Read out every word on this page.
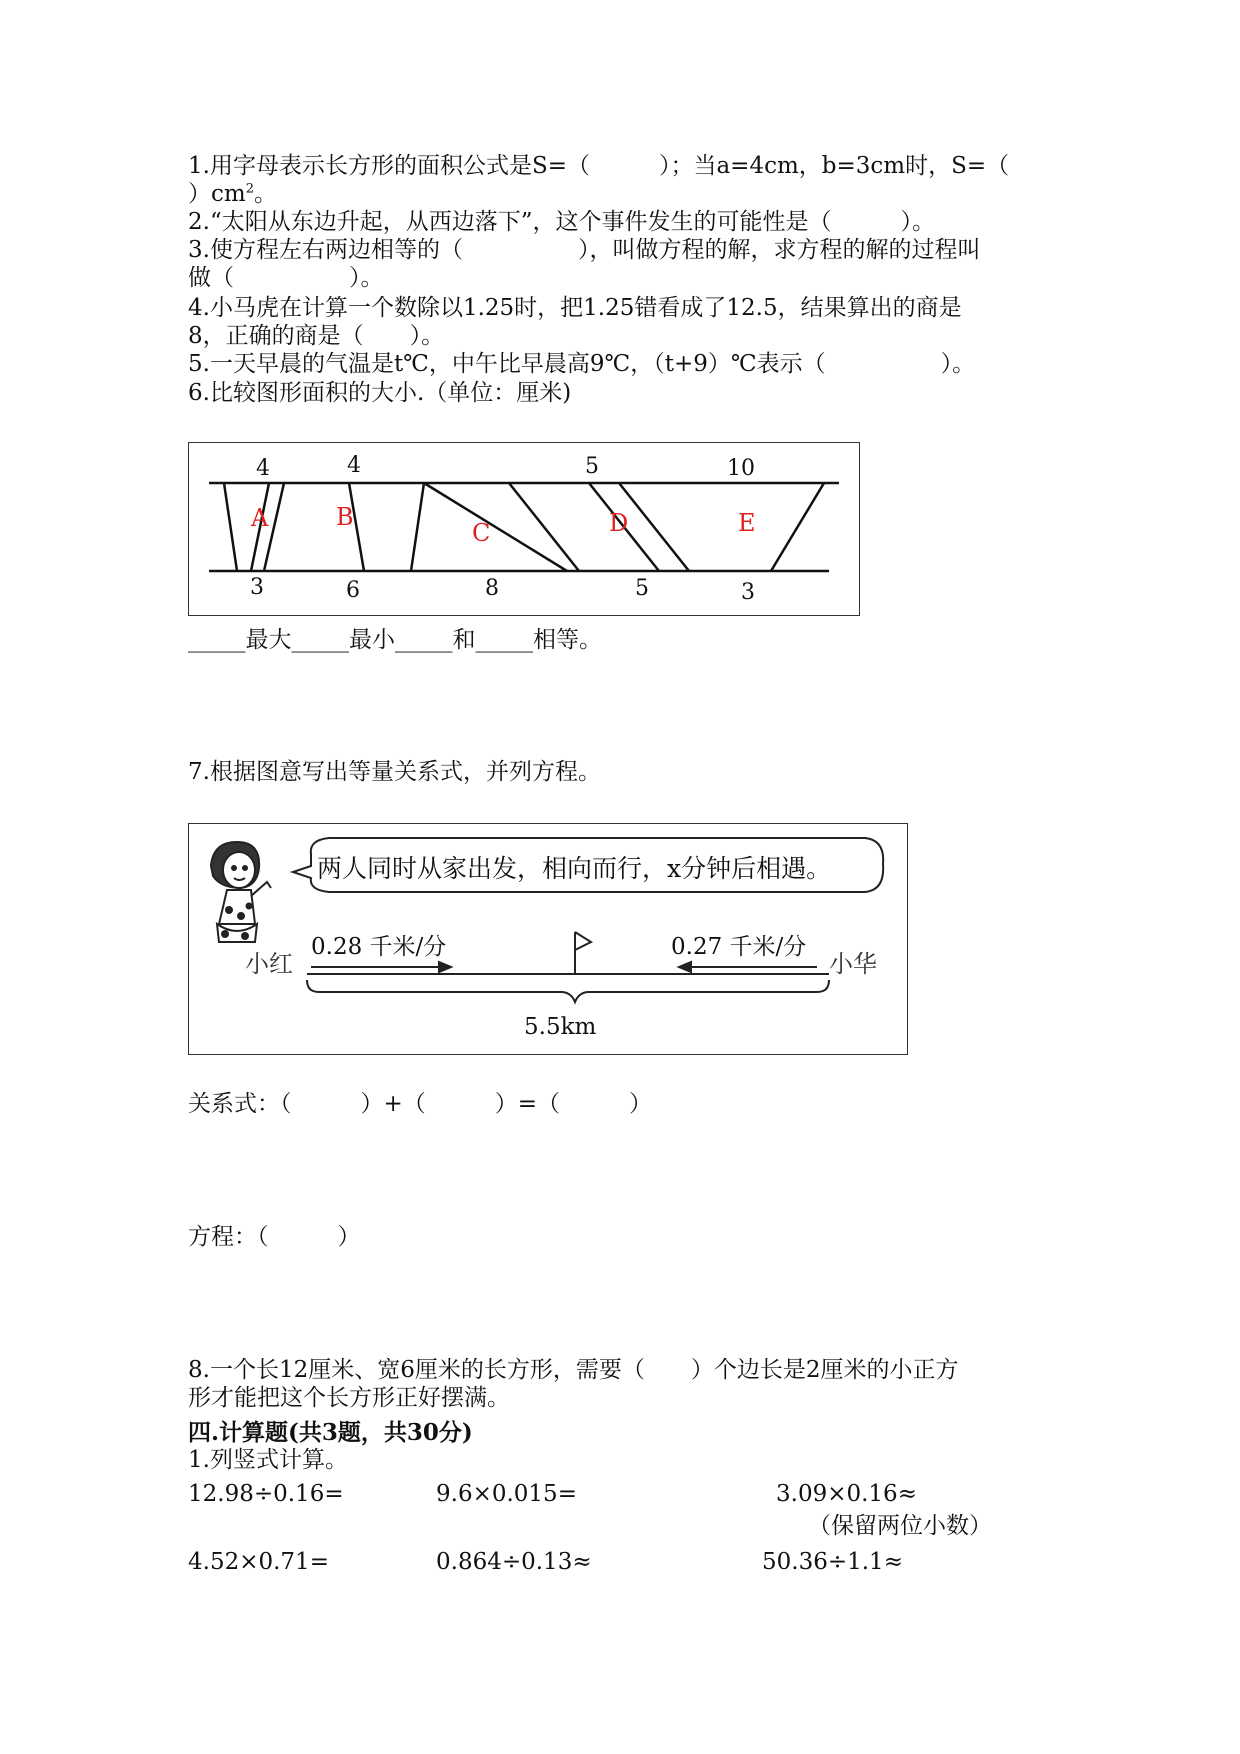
1.用字母表示长方形的面积公式是S=（　　　）；当a=4cm，b=3cm时，S=（
）$cm^2$。
2.“太阳从东边升起，从西边落下”，这个事件发生的可能性是（　　　）。
3.使方程左右两边相等的（　　　　　），叫做方程的解，求方程的解的过程叫
做（　　　　　）。
4.小马虎在计算一个数除以1.25时，把1.25错看成了12.5，结果算出的商是
8，正确的商是（　　）。
5.一天早晨的气温是t℃，中午比早晨高9℃，（t+9）℃表示（　　　　　）。
6.比较图形面积的大小.（单位：厘米)
4	4	5	10
3	6	8	5	3
A	B
C	D	E
_____最大_____最小_____和_____相等。
7.根据图意写出等量关系式，并列方程。
两人同时从家出发，相向而行，x分钟后相遇。
小红	小华
0.28 千米/分	0.27 千米/分
5.5km
关系式：（　　　）+（　　　）=（　　　）
方程：（　　　）
8.一个长12厘米、宽6厘米的长方形，需要（　　）个边长是2厘米的小正方
形才能把这个长方形正好摆满。
四.计算题(共3题，共30分)
1.列竖式计算。
12.98÷0.16=	9.6×0.015=	3.09×0.16≈
（保留两位小数）
4.52×0.71=	0.864÷0.13≈	50.36÷1.1≈
